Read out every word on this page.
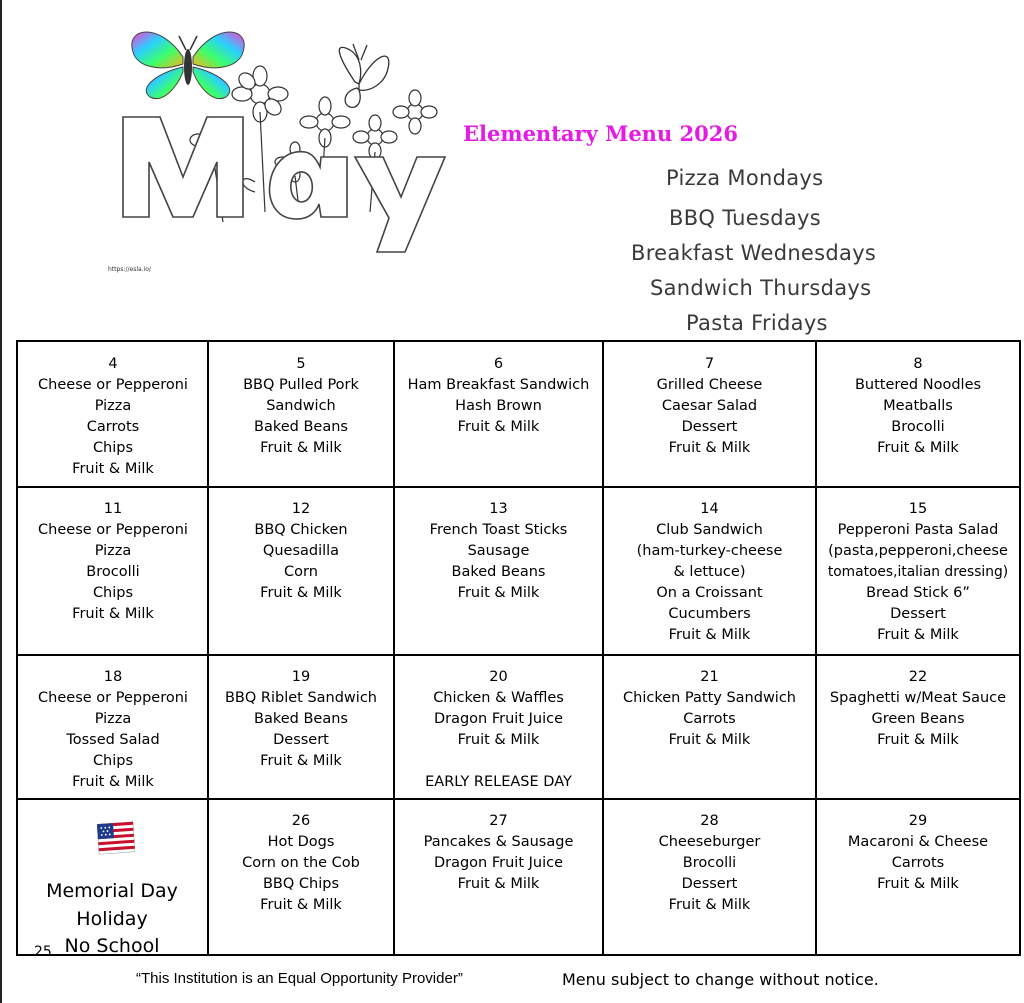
https://esla.io/
Elementary Menu 2026
Pizza Mondays
BBQ Tuesdays
Breakfast Wednesdays
Sandwich Thursdays
Pasta Fridays
4
Cheese or Pepperoni
Pizza
Carrots
Chips
Fruit & Milk
5
BBQ Pulled Pork
Sandwich
Baked Beans
Fruit & Milk
6
Ham Breakfast Sandwich
Hash Brown
Fruit & Milk
7
Grilled Cheese
Caesar Salad
Dessert
Fruit & Milk
8
Buttered Noodles
Meatballs
Brocolli
Fruit & Milk
11
Cheese or Pepperoni
Pizza
Brocolli
Chips
Fruit & Milk
12
BBQ Chicken
Quesadilla
Corn
Fruit & Milk
13
French Toast Sticks
Sausage
Baked Beans
Fruit & Milk
14
Club Sandwich
(ham-turkey-cheese
& lettuce)
On a Croissant
Cucumbers
Fruit & Milk
15
Pepperoni Pasta Salad
(pasta,pepperoni,cheese
tomatoes,italian dressing)
Bread Stick 6”
Dessert
Fruit & Milk
18
Cheese or Pepperoni
Pizza
Tossed Salad
Chips
Fruit & Milk
19
BBQ Riblet Sandwich
Baked Beans
Dessert
Fruit & Milk
20
Chicken & Waffles
Dragon Fruit Juice
Fruit & Milk
EARLY RELEASE DAY
21
Chicken Patty Sandwich
Carrots
Fruit & Milk
22
Spaghetti w/Meat Sauce
Green Beans
Fruit & Milk
25
Memorial Day
Holiday
No School
26
Hot Dogs
Corn on the Cob
BBQ Chips
Fruit & Milk
27
Pancakes & Sausage
Dragon Fruit Juice
Fruit & Milk
28
Cheeseburger
Brocolli
Dessert
Fruit & Milk
29
Macaroni & Cheese
Carrots
Fruit & Milk
“This Institution is an Equal Opportunity Provider”	Menu subject to change without notice.
